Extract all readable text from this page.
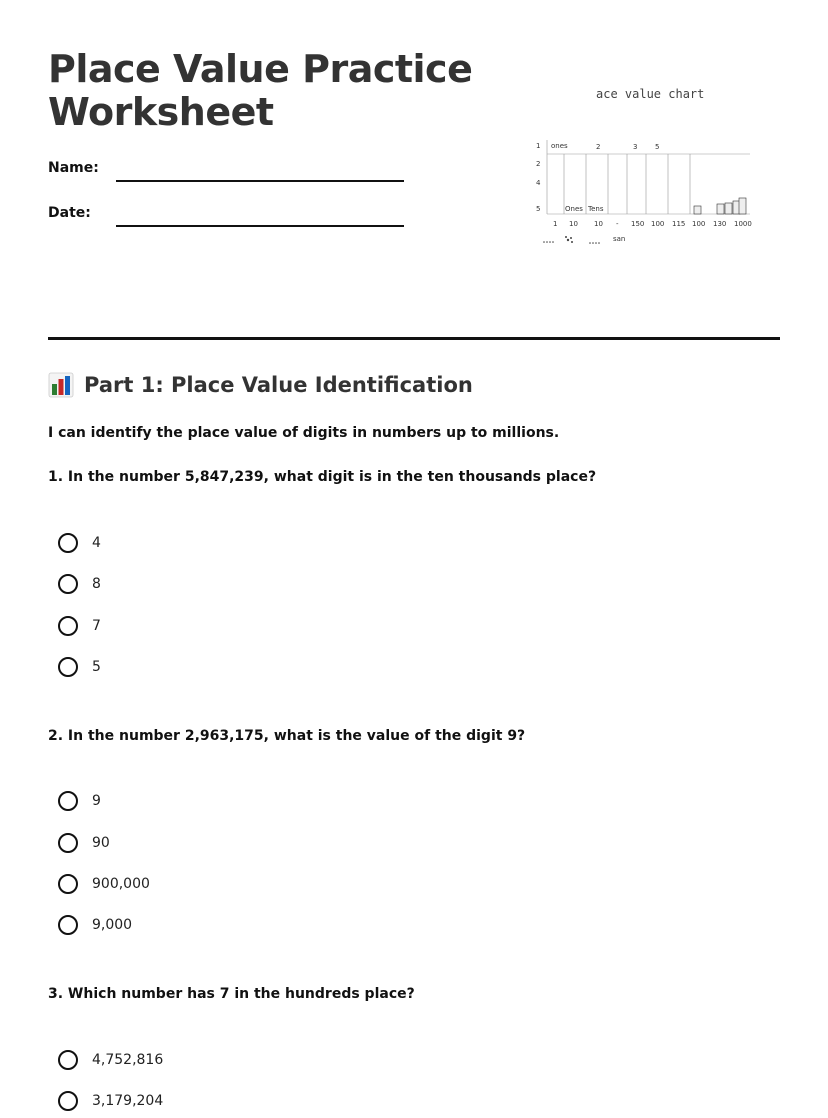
Place Value Practice
Worksheet
Name:
Date:
ace value chart
1
2
4
5
ones	2	3	5
Ones Tens
1 10 10 - 150 100 115 100 130 1000
san
Part 1: Place Value Identification
I can identify the place value of digits in numbers up to millions.
1. In the number 5,847,239, what digit is in the ten thousands place?
4
8
7
5
2. In the number 2,963,175, what is the value of the digit 9?
9
90
900,000
9,000
3. Which number has 7 in the hundreds place?
4,752,816
3,179,204
